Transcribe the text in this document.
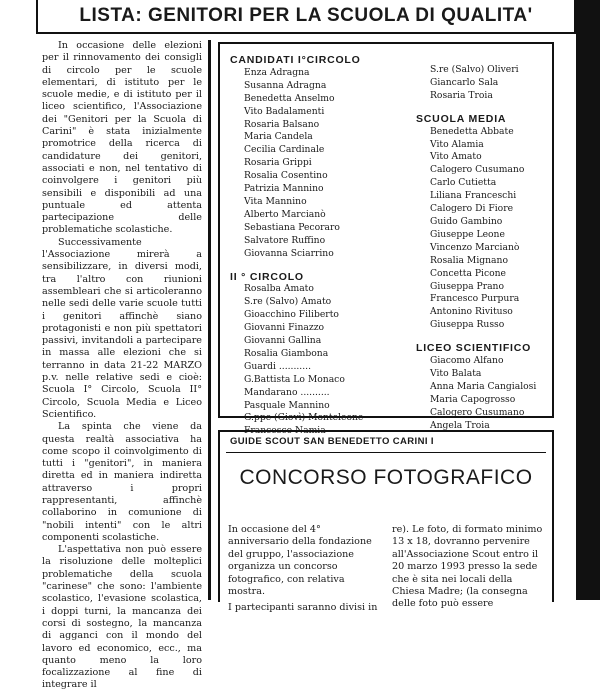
LISTA: GENITORI PER LA SCUOLA DI QUALITA'

In occasione delle elezioni per il rinnovamento dei consigli di circolo per le scuole elementari, di istituto per le scuole medie, e di istituto per il liceo scientifico, l'Associazione dei "Genitori per la Scuola di Carini" è stata inizialmente promotrice della ricerca di candidature dei genitori, associati e non, nel tentativo di coinvolgere i genitori più sensibili e disponibili ad una puntuale ed attenta partecipazione delle problematiche scolastiche.

Successivamente l'Associazione mirerà a sensibilizzare, in diversi modi, tra l'altro con riunioni assembleari che si articoleranno nelle sedi delle varie scuole tutti i genitori affinchè siano protagonisti e non più spettatori passivi, invitandoli a partecipare in massa alle elezioni che si terranno in data 21-22 MARZO p.v. nelle relative sedi e cioè: Scuola I° Circolo, Scuola II° Circolo, Scuola Media e Liceo Scientifico.

La spinta che viene da questa realtà associativa ha come scopo il coinvolgimento di tutti i "genitori", in maniera diretta ed in maniera indiretta attraverso i propri rappresentanti, affinchè collaborino in comunione di "nobili intenti" con le altri componenti scolastiche.

L'aspettativa non può essere la risoluzione delle molteplici problematiche della scuola "carinese" che sono: l'ambiente scolastico, l'evasione scolastica, i doppi turni, la mancanza dei corsi di sostegno, la mancanza di agganci con il mondo del lavoro ed economico, ecc., ma quanto meno la loro focalizzazione al fine di integrare il

CANDIDATI I°CIRCOLO
Enza Adragna
Susanna Adragna
Benedetta Anselmo
Vito Badalamenti
Rosaria Balsano
Maria Candela
Cecilia Cardinale
Rosaria Grippi
Rosalia Cosentino
Patrizia Mannino
Vita Mannino
Alberto Marcianò
Sebastiana Pecoraro
Salvatore Ruffino
Giovanna Sciarrino
II ° CIRCOLO
Rosalba Amato
S.re (Salvo) Amato
Gioacchino Filiberto
Giovanni Finazzo
Giovanni Gallina
Rosalia Giambona
Guardi ...........
G.Battista Lo Monaco
Mandarano ..........
Pasquale Mannino
G.ppe (Giovì) Monteleone
Francesco Namia
S.re (Salvo) Oliveri
Giancarlo Sala
Rosaria Troia
SCUOLA MEDIA
Benedetta Abbate
Vito Alamia
Vito Amato
Calogero Cusumano
Carlo Cutietta
Liliana Franceschi
Calogero Di Fiore
Guido Gambino
Giuseppe Leone
Vincenzo Marcianò
Rosalia Mignano
Concetta Picone
Giuseppa Prano
Francesco Purpura
Antonino Rivituso
Giuseppa Russo
LICEO SCIENTIFICO
Giacomo Alfano
Vito Balata
Anna Maria Cangialosi
Maria Capogrosso
Calogero Cusumano
Angela Troia
GUIDE SCOUT SAN BENEDETTO CARINI I
CONCORSO FOTOGRAFICO

In occasione del 4° anniversario della fondazione del gruppo, l'associazione organizza un concorso fotografico, con relativa mostra.

I partecipanti saranno divisi in

re). Le foto, di formato minimo 13 x 18, dovranno pervenire all'Associazione Scout entro il 20 marzo 1993 presso la sede che è sita nei locali della Chiesa Madre; (la consegna delle foto può essere
